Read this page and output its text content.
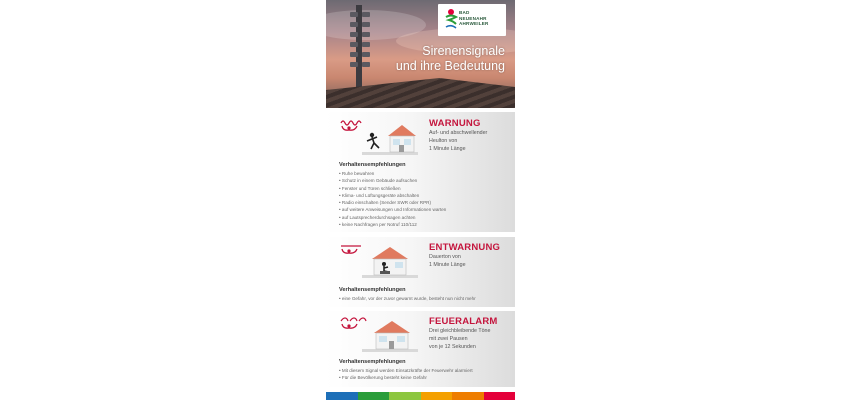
BAD
NEUENAHR
AHRWEILER
Sirenensignale
und ihre Bedeutung
WARNUNG
Auf- und abschwellender
Heulton von
1 Minute Länge
Verhaltensempfehlungen
• Ruhe bewahren
• Schutz in einem Gebäude aufsuchen
• Fenster und Türen schließen
• Klima- und Lüftungsgeräte abschalten
• Radio einschalten (Sender SWR oder RPR)
• auf weitere Anweisungen und Informationen warten
• auf Lautsprecherdurchsagen achten
• keine Nachfragen per Notruf 110/112
ENTWARNUNG
Dauerton von
1 Minute Länge
Verhaltensempfehlungen
• eine Gefahr, vor der zuvor gewarnt wurde, besteht nun nicht mehr
FEUERALARM
Drei gleichbleibende Töne
mit zwei Pausen
von je 12 Sekunden
Verhaltensempfehlungen
• Mit diesem Signal werden Einsatzkräfte der Feuerwehr alarmiert
• Für die Bevölkerung besteht keine Gefahr
